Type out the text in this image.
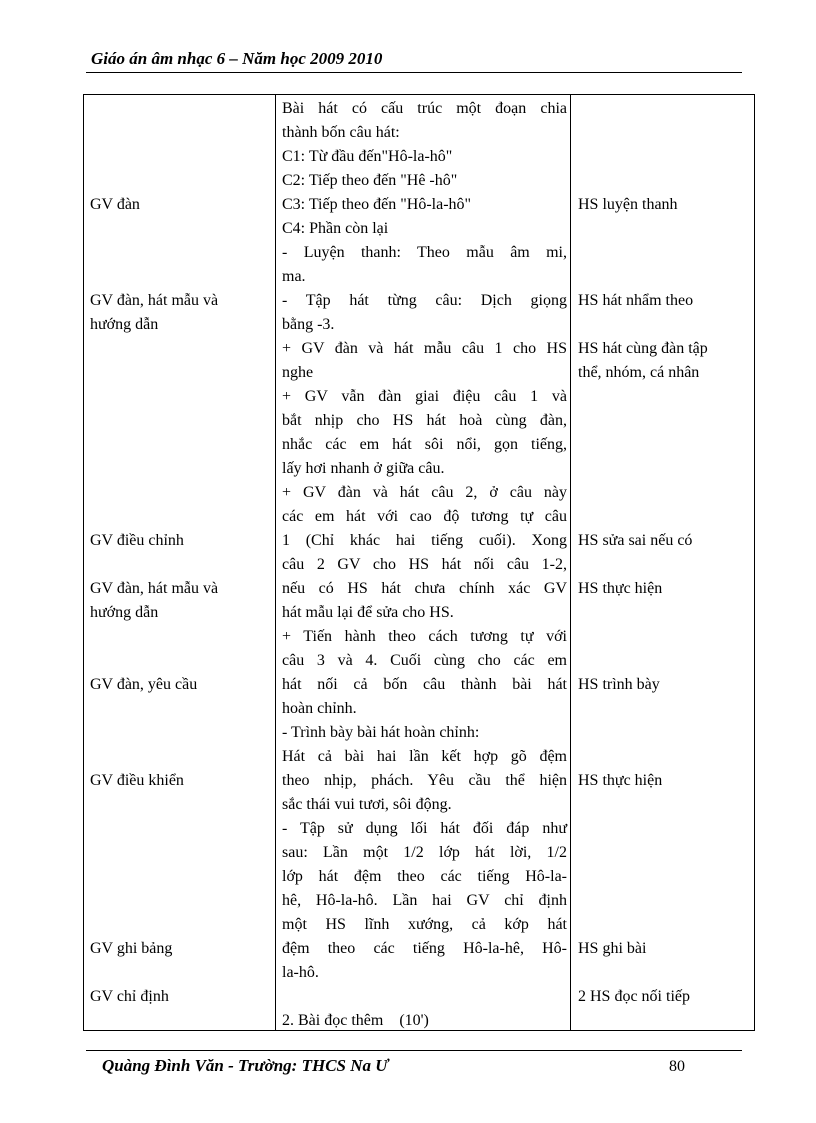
Giáo án âm nhạc 6 – Năm học 2009 2010
GV đàn
GV đàn, hát mẫu và
hướng dẫn
GV điều chỉnh
GV đàn, hát mẫu và
hướng dẫn
GV đàn, yêu cầu
GV điều khiển
GV ghi bảng
GV chỉ định
Bài hát có cấu trúc một đoạn chia
thành bốn câu hát:
C1: Từ đầu đến"Hô-la-hô"
C2: Tiếp theo đến "Hê -hô"
C3: Tiếp theo đến "Hô-la-hô"
C4: Phần còn lại
- Luyện thanh: Theo mẫu âm mi,
ma.
- Tập hát từng câu: Dịch giọng
bằng -3.
+ GV đàn và hát mẫu câu 1 cho HS
nghe
+ GV vẫn đàn giai điệu câu 1 và
bắt nhịp cho HS hát hoà cùng đàn,
nhắc các em hát sôi nổi, gọn tiếng,
lấy hơi nhanh ở giữa câu.
+ GV đàn và hát câu 2, ở câu này
các em hát với cao độ tương tự câu
1 (Chỉ khác hai tiếng cuối). Xong
câu 2 GV cho HS hát nối câu 1-2,
nếu có HS hát chưa chính xác GV
hát mẫu lại để sửa cho HS.
+ Tiến hành theo cách tương tự với
câu 3 và 4. Cuối cùng cho các em
hát nối cả bốn câu thành bài hát
hoàn chỉnh.
- Trình bày bài hát hoàn chỉnh:
Hát cả bài hai lần kết hợp gõ đệm
theo nhịp, phách. Yêu cầu thể hiện
sắc thái vui tươi, sôi động.
- Tập sử dụng lối hát đối đáp như
sau: Lần một 1/2 lớp hát lời, 1/2
lớp hát đệm theo các tiếng Hô-la-
hê, Hô-la-hô. Lần hai GV chỉ định
một HS lĩnh xướng, cả kớp hát
đệm theo các tiếng Hô-la-hê, Hô-
la-hô.
2. Bài đọc thêm    (10')
HS luyện thanh
HS hát nhẩm theo
HS hát cùng đàn tập
thể, nhóm, cá nhân
HS sửa sai nếu có
HS thực hiện
HS trình bày
HS thực hiện
HS ghi bài
2 HS đọc nối tiếp
Quàng Đình Văn - Trường: THCS Na Ư	80
